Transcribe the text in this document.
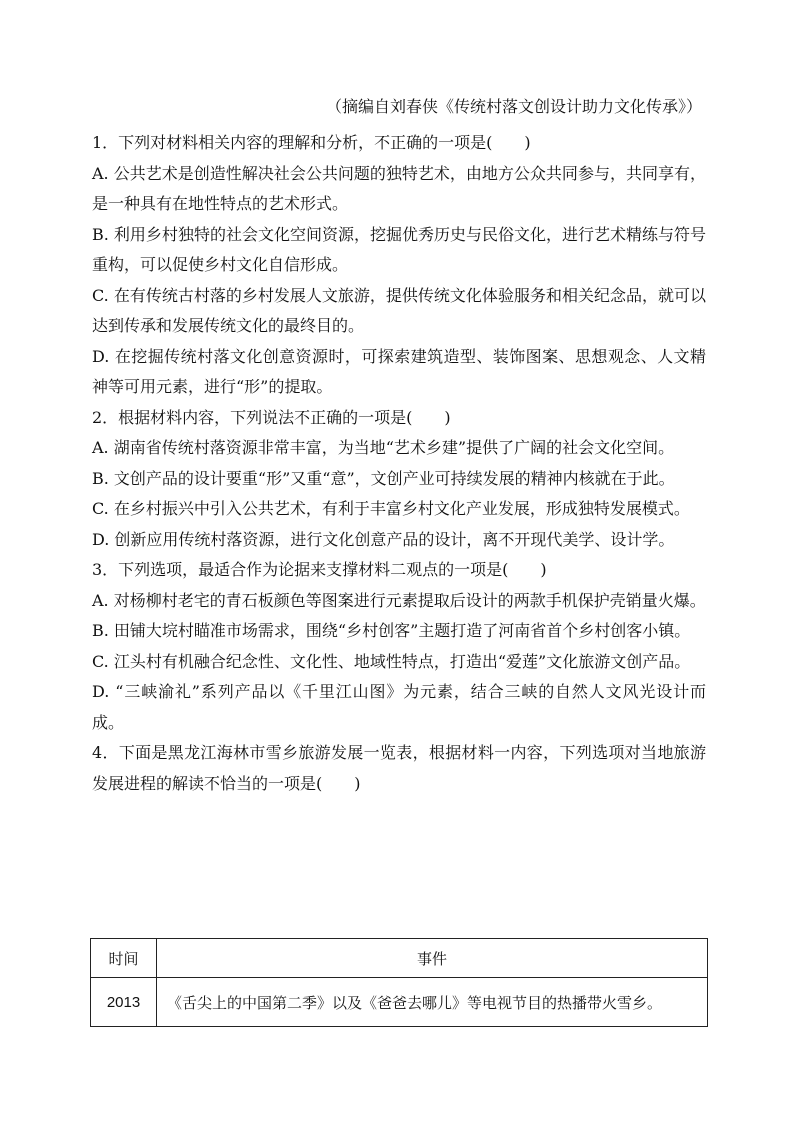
（摘编自刘春侠《传统村落文创设计助力文化传承》）

1．下列对材料相关内容的理解和分析，不正确的一项是(　　)

A. 公共艺术是创造性解决社会公共问题的独特艺术，由地方公众共同参与，共同享有，是一种具有在地性特点的艺术形式。

B. 利用乡村独特的社会文化空间资源，挖掘优秀历史与民俗文化，进行艺术精练与符号重构，可以促使乡村文化自信形成。

C. 在有传统古村落的乡村发展人文旅游，提供传统文化体验服务和相关纪念品，就可以达到传承和发展传统文化的最终目的。

D. 在挖掘传统村落文化创意资源时，可探索建筑造型、装饰图案、思想观念、人文精神等可用元素，进行“形”的提取。

2．根据材料内容，下列说法不正确的一项是(　　)

A. 湖南省传统村落资源非常丰富，为当地“艺术乡建”提供了广阔的社会文化空间。

B. 文创产品的设计要重“形”又重“意”，文创产业可持续发展的精神内核就在于此。

C. 在乡村振兴中引入公共艺术，有利于丰富乡村文化产业发展，形成独特发展模式。

D. 创新应用传统村落资源，进行文化创意产品的设计，离不开现代美学、设计学。

3．下列选项，最适合作为论据来支撑材料二观点的一项是(　　)

A. 对杨柳村老宅的青石板颜色等图案进行元素提取后设计的两款手机保护壳销量火爆。

B. 田铺大垸村瞄准市场需求，围绕“乡村创客”主题打造了河南省首个乡村创客小镇。

C. 江头村有机融合纪念性、文化性、地域性特点，打造出“爱莲”文化旅游文创产品。

D. “三峡渝礼”系列产品以《千里江山图》为元素，结合三峡的自然人文风光设计而成。

4．下面是黑龙江海林市雪乡旅游发展一览表，根据材料一内容，下列选项对当地旅游发展进程的解读不恰当的一项是(　　)

时间	事件
2013	《舌尖上的中国第二季》以及《爸爸去哪儿》等电视节目的热播带火雪乡。
